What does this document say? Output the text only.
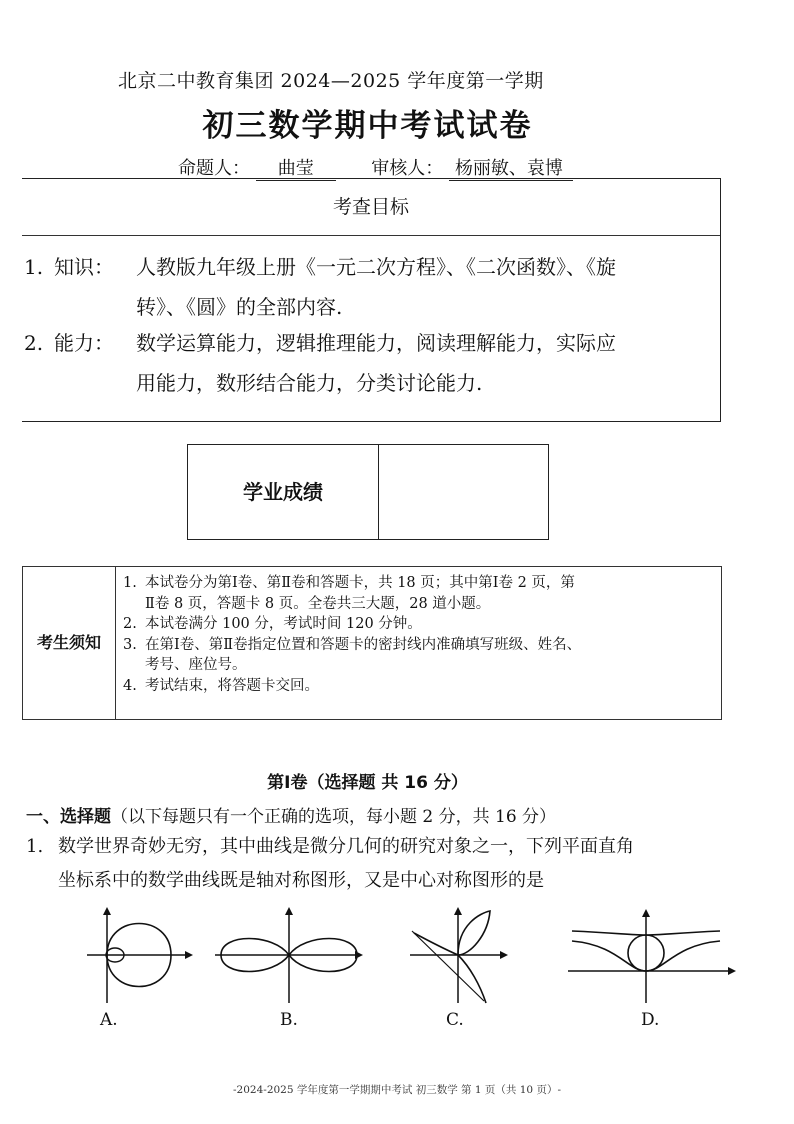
北京二中教育集团 2024—2025 学年度第一学期
初三数学期中考试试卷
命题人： 曲莹	审核人： 杨丽敏、袁博
考查目标
1. 知识： 人教版九年级上册《一元二次方程》、《二次函数》、《旋
转》、《圆》的全部内容.
2. 能力： 数学运算能力，逻辑推理能力，阅读理解能力，实际应
用能力，数形结合能力，分类讨论能力.
学业成绩
考生须知
1. 本试卷分为第Ⅰ卷、第Ⅱ卷和答题卡，共 18 页；其中第Ⅰ卷 2 页，第
Ⅱ卷 8 页，答题卡 8 页。全卷共三大题，28 道小题。
2. 本试卷满分 100 分，考试时间 120 分钟。
3. 在第Ⅰ卷、第Ⅱ卷指定位置和答题卡的密封线内准确填写班级、姓名、
考号、座位号。
4. 考试结束，将答题卡交回。
第Ⅰ卷（选择题 共 16 分）
一、选择题（以下每题只有一个正确的选项，每小题 2 分，共 16 分）
1. 数学世界奇妙无穷，其中曲线是微分几何的研究对象之一，下列平面直角
坐标系中的数学曲线既是轴对称图形，又是中心对称图形的是
A.	B.	C.	D.
-2024-2025 学年度第一学期期中考试 初三数学 第 1 页（共 10 页）-
